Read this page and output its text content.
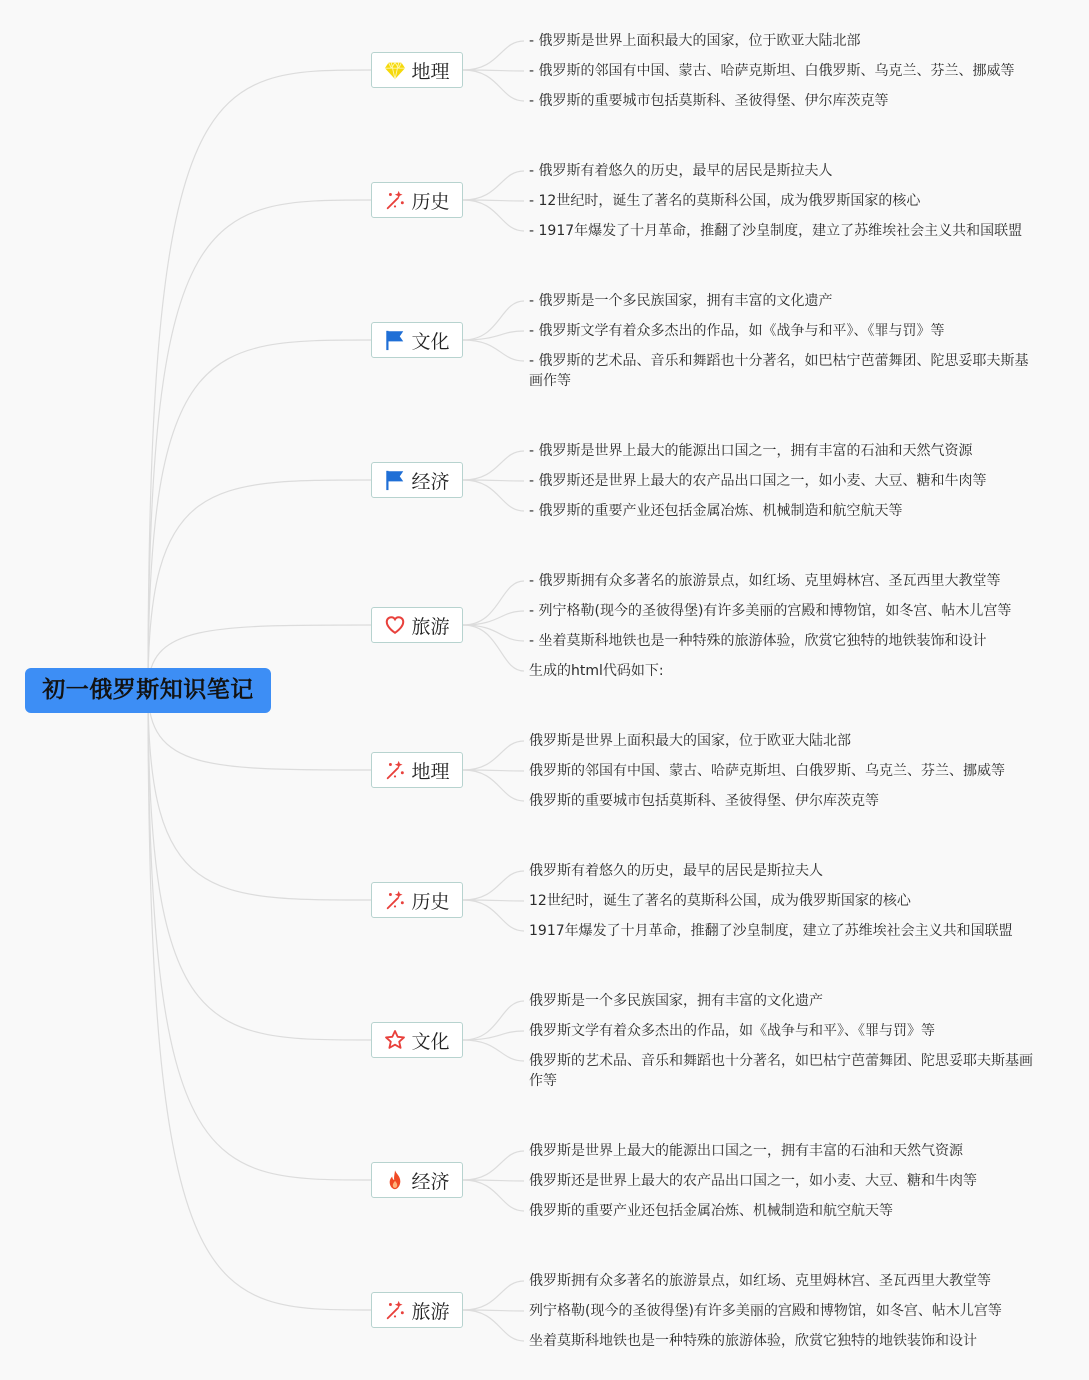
初一俄罗斯知识笔记
地理
- 俄罗斯是世界上面积最大的国家，位于欧亚大陆北部
- 俄罗斯的邻国有中国、蒙古、哈萨克斯坦、白俄罗斯、乌克兰、芬兰、挪威等
- 俄罗斯的重要城市包括莫斯科、圣彼得堡、伊尔库茨克等
历史
- 俄罗斯有着悠久的历史，最早的居民是斯拉夫人
- 12世纪时，诞生了著名的莫斯科公国，成为俄罗斯国家的核心
- 1917年爆发了十月革命，推翻了沙皇制度，建立了苏维埃社会主义共和国联盟
文化
- 俄罗斯是一个多民族国家，拥有丰富的文化遗产
- 俄罗斯文学有着众多杰出的作品，如《战争与和平》、《罪与罚》等
- 俄罗斯的艺术品、音乐和舞蹈也十分著名，如巴枯宁芭蕾舞团、陀思妥耶夫斯基画作等
经济
- 俄罗斯是世界上最大的能源出口国之一，拥有丰富的石油和天然气资源
- 俄罗斯还是世界上最大的农产品出口国之一，如小麦、大豆、糖和牛肉等
- 俄罗斯的重要产业还包括金属冶炼、机械制造和航空航天等
旅游
- 俄罗斯拥有众多著名的旅游景点，如红场、克里姆林宫、圣瓦西里大教堂等
- 列宁格勒(现今的圣彼得堡)有许多美丽的宫殿和博物馆，如冬宫、帖木儿宫等
- 坐着莫斯科地铁也是一种特殊的旅游体验，欣赏它独特的地铁装饰和设计
生成的html代码如下:
地理
俄罗斯是世界上面积最大的国家，位于欧亚大陆北部
俄罗斯的邻国有中国、蒙古、哈萨克斯坦、白俄罗斯、乌克兰、芬兰、挪威等
俄罗斯的重要城市包括莫斯科、圣彼得堡、伊尔库茨克等
历史
俄罗斯有着悠久的历史，最早的居民是斯拉夫人
12世纪时，诞生了著名的莫斯科公国，成为俄罗斯国家的核心
1917年爆发了十月革命，推翻了沙皇制度，建立了苏维埃社会主义共和国联盟
文化
俄罗斯是一个多民族国家，拥有丰富的文化遗产
俄罗斯文学有着众多杰出的作品，如《战争与和平》、《罪与罚》等
俄罗斯的艺术品、音乐和舞蹈也十分著名，如巴枯宁芭蕾舞团、陀思妥耶夫斯基画作等
经济
俄罗斯是世界上最大的能源出口国之一，拥有丰富的石油和天然气资源
俄罗斯还是世界上最大的农产品出口国之一，如小麦、大豆、糖和牛肉等
俄罗斯的重要产业还包括金属冶炼、机械制造和航空航天等
旅游
俄罗斯拥有众多著名的旅游景点，如红场、克里姆林宫、圣瓦西里大教堂等
列宁格勒(现今的圣彼得堡)有许多美丽的宫殿和博物馆，如冬宫、帖木儿宫等
坐着莫斯科地铁也是一种特殊的旅游体验，欣赏它独特的地铁装饰和设计
